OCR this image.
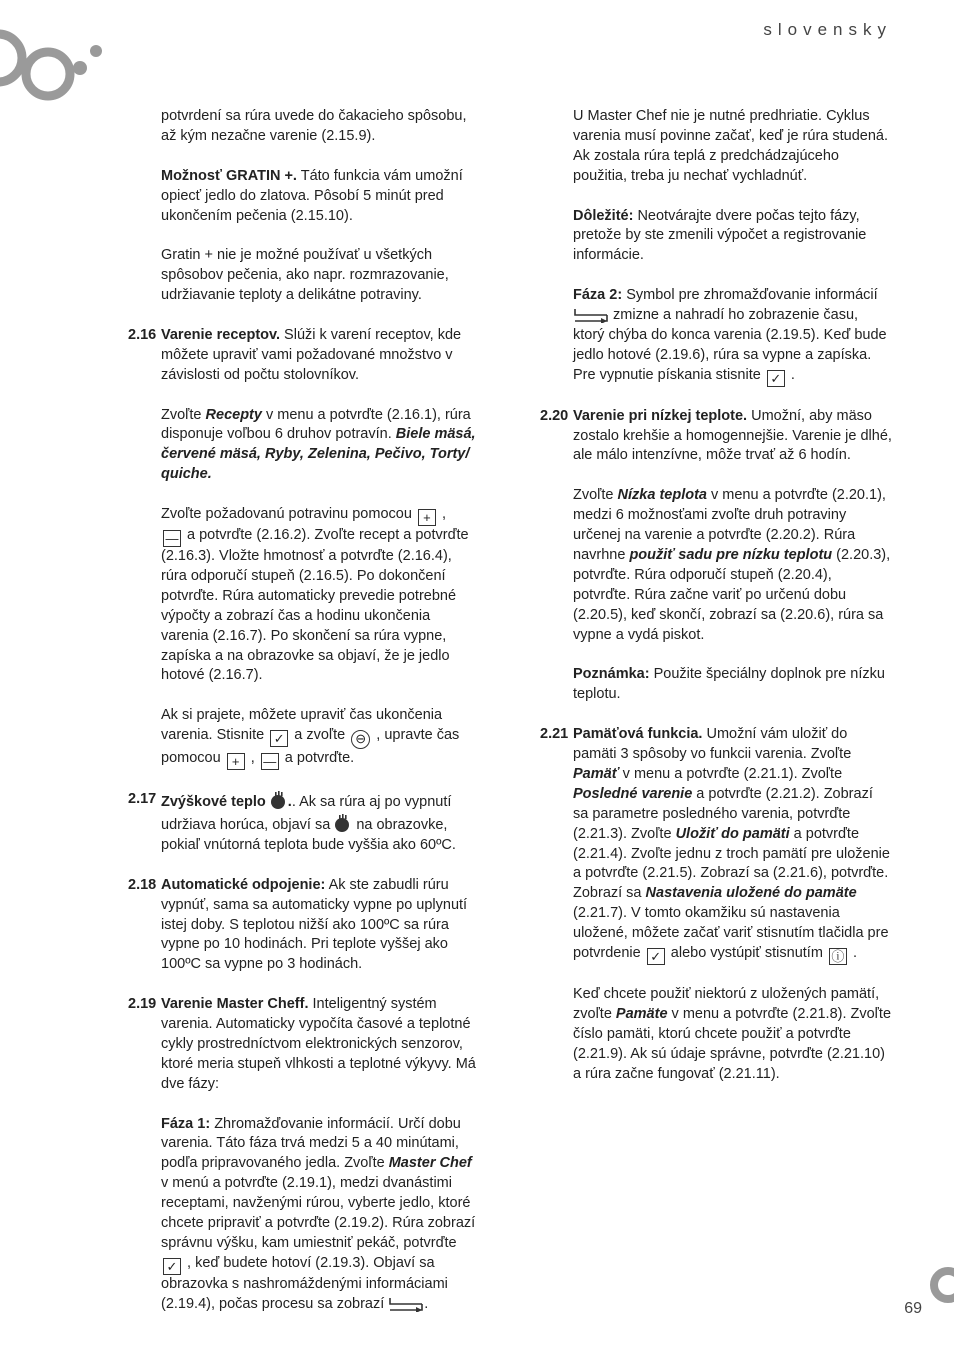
slovensky
69

potvrdení sa rúra uvede do čakacieho spôsobu, až kým nezačne varenie (2.15.9).

Možnosť GRATIN +. Táto funkcia vám umožní opiecť jedlo do zlatova. Pôsobí 5 minút pred ukončením pečenia (2.15.10).

Gratin + nie je možné používať u všetkých spôsobov pečenia, ako napr. rozmrazovanie, udržiavanie teploty a delikátne potraviny.

2.16 Varenie receptov. Slúži k varení receptov, kde môžete upraviť vami požadované množstvo v závislosti od počtu stolovníkov.

Zvoľte Recepty v menu a potvrďte (2.16.1), rúra disponuje voľbou 6 druhov potravín. Biele mäsá, červené mäsá, Ryby, Zelenina, Pečivo, Torty/ quiche.

Zvoľte požadovanú potravinu pomocou + ,
— a potvrďte (2.16.2). Zvoľte recept a potvrďte (2.16.3). Vložte hmotnosť a potvrďte (2.16.4), rúra odporučí stupeň (2.16.5). Po dokončení potvrďte. Rúra automaticky prevedie potrebné výpočty a zobrazí čas a hodinu ukončenia varenia (2.16.7). Po skončení sa rúra vypne, zapíska a na obrazovke sa objaví, že je jedlo hotové (2.16.7).

Ak si prajete, môžete upraviť čas ukončenia varenia. Stisnite ✓ a zvoľte ⊖ , upravte čas pomocou + , — a potvrďte.

2.17 Zvýškové teplo .. Ak sa rúra aj po vypnutí udržiava horúca, objaví sa  na obrazovke, pokiaľ vnútorná teplota bude vyššia ako 60ºC.

2.18 Automatické odpojenie: Ak ste zabudli rúru vypnúť, sama sa automaticky vypne po uplynutí istej doby. S teplotou nižší ako 100ºC sa rúra vypne po 10 hodinách. Pri teplote vyššej ako 100ºC sa vypne po 3 hodinách.

2.19 Varenie Master Cheff. Inteligentný systém varenia. Automaticky vypočíta časové a teplotné cykly prostredníctvom elektronických senzorov, ktoré meria stupeň vlhkosti a teplotné výkyvy. Má dve fázy:

Fáza 1: Zhromažďovanie informácií. Určí dobu varenia. Táto fáza trvá medzi 5 a 40 minútami, podľa pripravovaného jedla. Zvoľte Master Chef v menú a potvrďte (2.19.1), medzi dvanástimi receptami, navženými rúrou, vyberte jedlo, ktoré chcete pripraviť a potvrďte (2.19.2). Rúra zobrazí správnu výšku, kam umiestniť pekáč, potvrďte ✓ , keď budete hotoví (2.19.3). Objaví sa obrazovka s nashromáždenými informáciami (2.19.4), počas procesu sa zobrazí .

U Master Chef nie je nutné predhriatie. Cyklus varenia musí povinne začať, keď je rúra studená. Ak zostala rúra teplá z predchádzajúceho použitia, treba ju nechať vychladnúť.

Dôležité: Neotvárajte dvere počas tejto fázy, pretože by ste zmenili výpočet a registrovanie informácie.

Fáza 2: Symbol pre zhromažďovanie informácií  zmizne a nahradí ho zobrazenie času, ktorý chýba do konca varenia (2.19.5). Keď bude jedlo hotové (2.19.6), rúra sa vypne a zapíska. Pre vypnutie pískania stisnite ✓ .

2.20 Varenie pri nízkej teplote. Umožní, aby mäso zostalo krehšie a homogennejšie. Varenie je dlhé, ale málo intenzívne, môže trvať až 6 hodín.

Zvoľte Nízka teplota v menu a potvrďte (2.20.1), medzi 6 možnosťami zvoľte druh potraviny určenej na varenie a potvrďte (2.20.2). Rúra navrhne použiť sadu pre nízku teplotu (2.20.3), potvrďte. Rúra odporučí stupeň (2.20.4), potvrďte. Rúra začne variť po určenú dobu (2.20.5), keď skončí, zobrazí sa (2.20.6), rúra sa vypne a vydá piskot.

Poznámka: Použite špeciálny doplnok pre nízku teplotu.

2.21 Pamäťová funkcia. Umožní vám uložiť do pamäti 3 spôsoby vo funkcii varenia. Zvoľte Pamäť v menu a potvrďte (2.21.1). Zvoľte Posledné varenie a potvrďte (2.21.2). Zobrazí sa parametre posledného varenia, potvrďte (2.21.3). Zvoľte Uložiť do pamäti a potvrďte (2.21.4). Zvoľte jednu z troch pamätí pre uloženie a potvrďte (2.21.5). Zobrazí sa (2.21.6), potvrďte. Zobrazí sa Nastavenia uložené do pamäte (2.21.7). V tomto okamžiku sú nastavenia uložené, môžete začať variť stisnutím tlačidla pre potvrdenie ✓ alebo vystúpiť stisnutím ⓘ .

Keď chcete použiť niektorú z uložených pamätí, zvoľte Pamäte v menu a potvrďte (2.21.8). Zvoľte číslo pamäti, ktorú chcete použiť a potvrďte (2.21.9). Ak sú údaje správne, potvrďte (2.21.10) a rúra začne fungovať (2.21.11).
